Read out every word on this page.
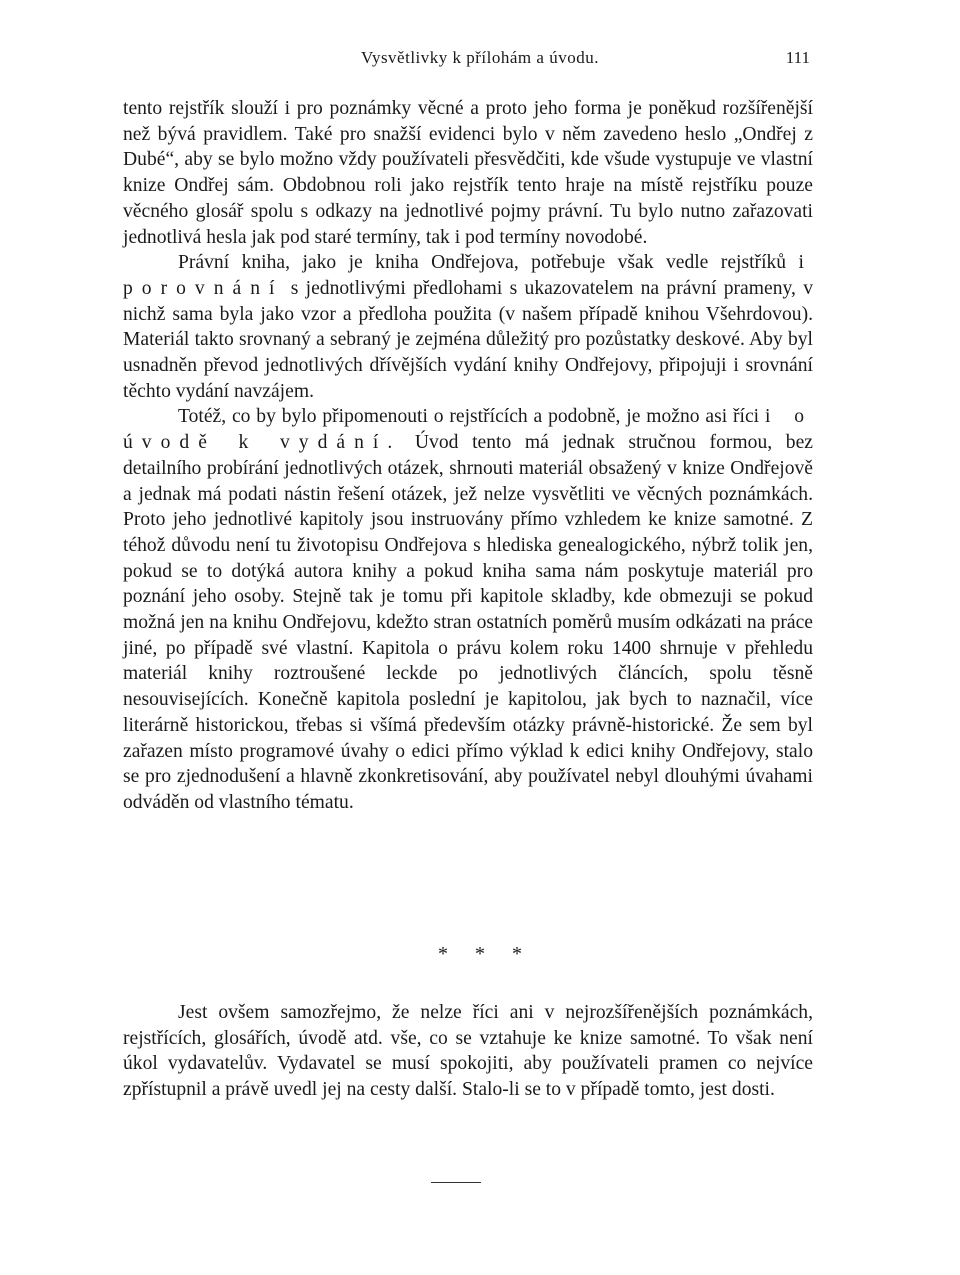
Vysvětlivky k přílohám a úvodu.	111

tento rejstřík slouží i pro poznámky věcné a proto jeho forma je poněkud rozšířenější než bývá pravidlem. Také pro snažší evidenci bylo v něm zavedeno heslo „Ondřej z Dubé“, aby se bylo možno vždy používateli přesvědčiti, kde všude vystupuje ve vlastní knize Ondřej sám. Obdobnou roli jako rejstřík tento hraje na místě rejstříku pouze věcného glosář spolu s odkazy na jednotlivé pojmy právní. Tu bylo nutno zařazovati jednotlivá hesla jak pod staré termíny, tak i pod termíny novodobé.

Právní kniha, jako je kniha Ondřejova, potřebuje však vedle rejstříků i porovnání s jednotlivými předlohami s ukazovatelem na právní prameny, v nichž sama byla jako vzor a předloha použita (v našem případě knihou Všehrdovou). Materiál takto srovnaný a sebraný je zejména důležitý pro pozůstatky deskové. Aby byl usnadněn převod jednotlivých dřívějších vydání knihy Ondřejovy, připojuji i srovnání těchto vydání navzájem.

Totéž, co by bylo připomenouti o rejstřících a podobně, je možno asi říci i o úvodě k vydání. Úvod tento má jednak stručnou formou, bez detailního probírání jednotlivých otázek, shrnouti materiál obsažený v knize Ondřejově a jednak má podati nástin řešení otázek, jež nelze vysvětliti ve věcných poznámkách. Proto jeho jednotlivé kapitoly jsou instruovány přímo vzhledem ke knize samotné. Z téhož důvodu není tu životopisu Ondřejova s hlediska genealogického, nýbrž tolik jen, pokud se to dotýká autora knihy a pokud kniha sama nám poskytuje materiál pro poznání jeho osoby. Stejně tak je tomu při kapitole skladby, kde obmezuji se pokud možná jen na knihu Ondřejovu, kdežto stran ostatních poměrů musím odkázati na práce jiné, po případě své vlastní. Kapitola o právu kolem roku 1400 shrnuje v přehledu materiál knihy roztroušené leckde po jednotlivých článcích, spolu těsně nesouvisejících. Konečně kapitola poslední je kapitolou, jak bych to naznačil, více literárně historickou, třebas si všímá především otázky právně-historické. Že sem byl zařazen místo programové úvahy o edici přímo výklad k edici knihy Ondřejovy, stalo se pro zjednodušení a hlavně zkonkretisování, aby používatel nebyl dlouhými úvahami odváděn od vlastního tématu.

* * *

Jest ovšem samozřejmo, že nelze říci ani v nejrozšířenějších poznámkách, rejstřících, glosářích, úvodě atd. vše, co se vztahuje ke knize samotné. To však není úkol vydavatelův. Vydavatel se musí spokojiti, aby používateli pramen co nejvíce zpřístupnil a právě uvedl jej na cesty další. Stalo-li se to v případě tomto, jest dosti.
